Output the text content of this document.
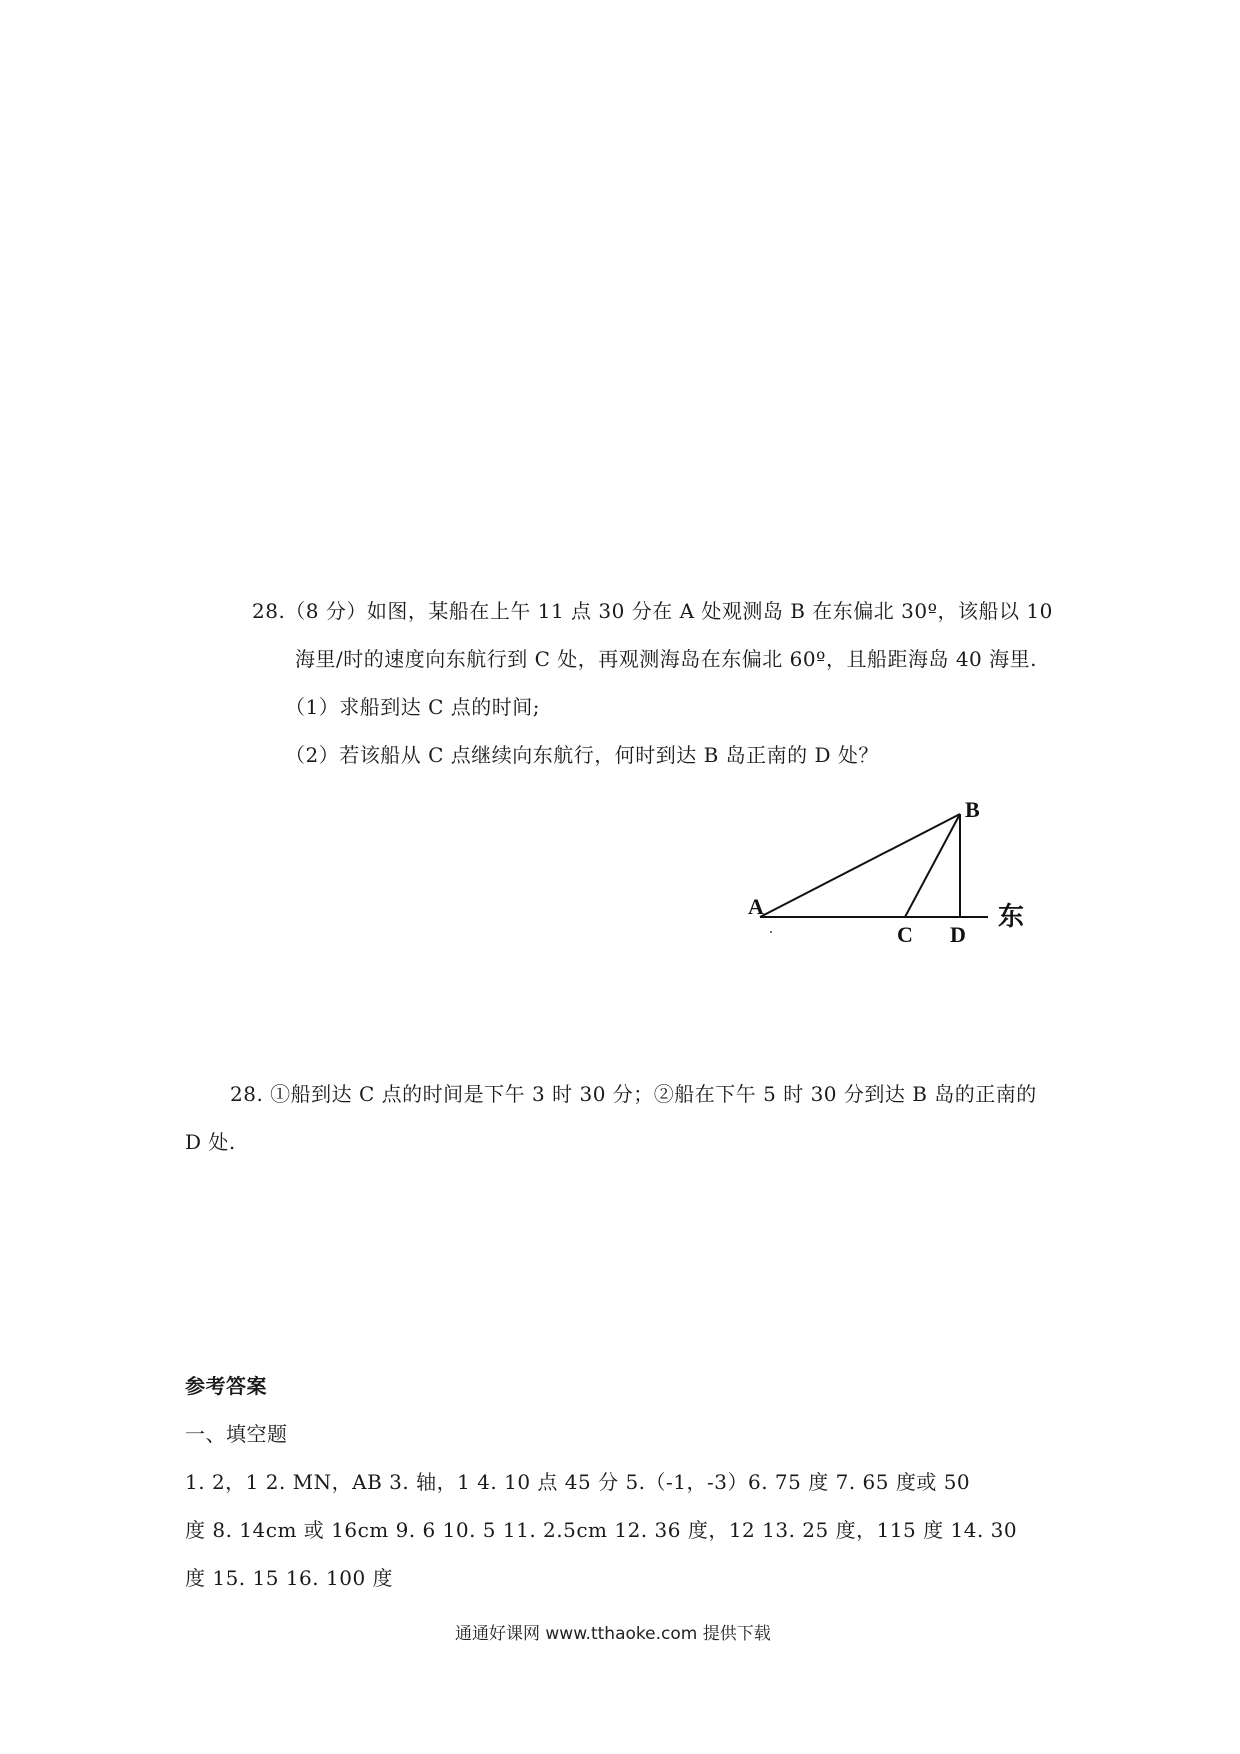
28.（8 分）如图，某船在上午 11 点 30 分在 A 处观测岛 B 在东偏北 30º，该船以 10
海里/时的速度向东航行到 C 处，再观测海岛在东偏北 60º，且船距海岛 40 海里.
（1）求船到达 C 点的时间;
（2）若该船从 C 点继续向东航行，何时到达 B 岛正南的 D 处？
A
B
C D
东
28. ①船到达 C 点的时间是下午 3 时 30 分；②船在下午 5 时 30 分到达 B 岛的正南的
D 处.
参考答案
一、填空题
1. 2，1 2. MN，AB 3. 轴，1 4. 10 点 45 分 5.（-1，-3）6. 75 度 7. 65 度或 50
度 8. 14cm 或 16cm 9. 6 10. 5 11. 2.5cm 12. 36 度，12 13. 25 度，115 度 14. 30
度 15. 15 16. 100 度
通通好课网 www.tthaoke.com 提供下载
